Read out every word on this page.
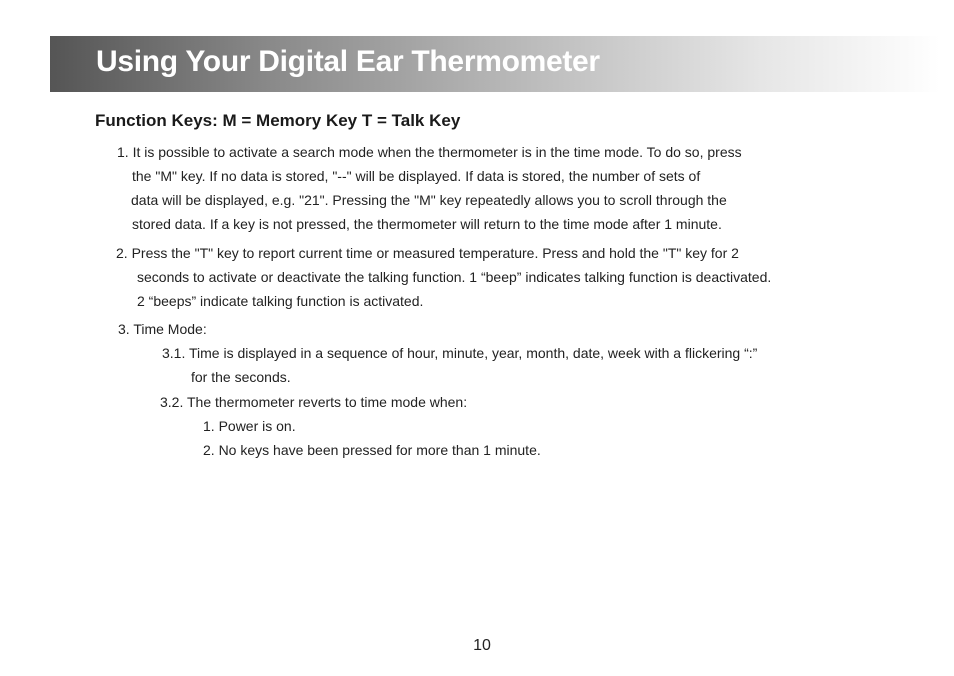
Using Your Digital Ear Thermometer
Function Keys: M = Memory Key T = Talk Key
1. It is possible to activate a search mode when the thermometer is in the time mode. To do so, press
the "M" key. If no data is stored, "--" will be displayed. If data is stored, the number of sets of
data will be displayed, e.g. "21". Pressing the "M" key repeatedly allows you to scroll through the
stored data. If a key is not pressed, the thermometer will return to the time mode after 1 minute.
2. Press the "T" key to report current time or measured temperature. Press and hold the "T" key for 2
seconds to activate or deactivate the talking function. 1 “beep” indicates talking function is deactivated.
2 “beeps” indicate talking function is activated.
3. Time Mode:
3.1. Time is displayed in a sequence of hour, minute, year, month, date, week with a flickering “:”
for the seconds.
3.2. The thermometer reverts to time mode when:
1. Power is on.
2. No keys have been pressed for more than 1 minute.
10
